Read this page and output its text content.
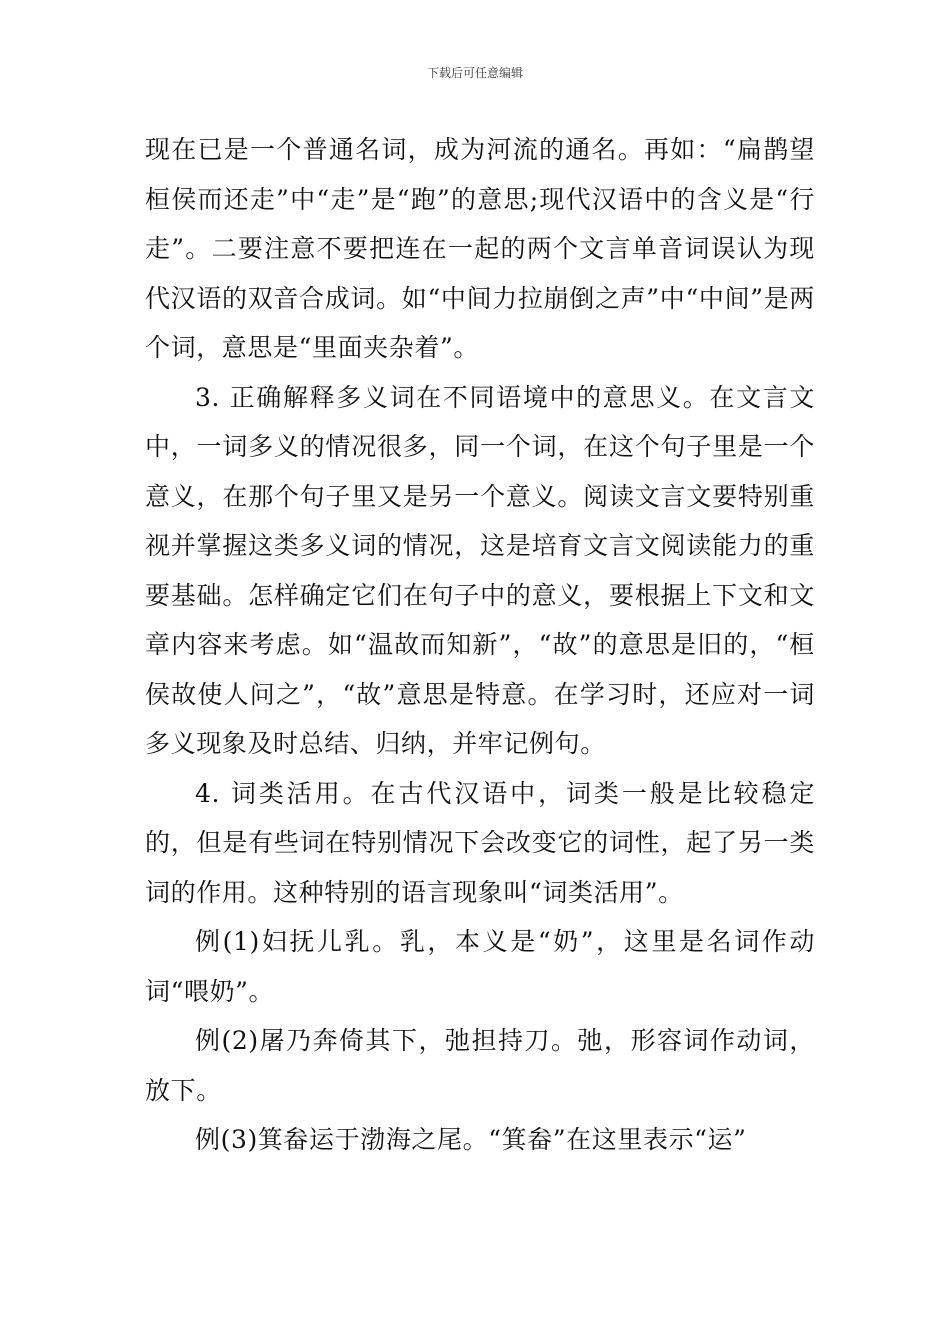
下载后可任意编辑

现在已是一个普通名词，成为河流的通名。再如：“扁鹊望桓侯而还走”中“走”是“跑”的意思;现代汉语中的含义是“行走”。二要注意不要把连在一起的两个文言单音词误认为现代汉语的双音合成词。如“中间力拉崩倒之声”中“中间”是两个词，意思是“里面夹杂着”。

3. 正确解释多义词在不同语境中的意思义。在文言文中，一词多义的情况很多，同一个词，在这个句子里是一个意义，在那个句子里又是另一个意义。阅读文言文要特别重视并掌握这类多义词的情况，这是培育文言文阅读能力的重要基础。怎样确定它们在句子中的意义，要根据上下文和文章内容来考虑。如“温故而知新”，“故”的意思是旧的，“桓侯故使人问之”，“故”意思是特意。在学习时，还应对一词多义现象及时总结、归纳，并牢记例句。

4. 词类活用。在古代汉语中，词类一般是比较稳定的，但是有些词在特别情况下会改变它的词性，起了另一类词的作用。这种特别的语言现象叫“词类活用”。

例(1)妇抚儿乳。乳，本义是“奶”，这里是名词作动词“喂奶”。

例(2)屠乃奔倚其下，弛担持刀。弛，形容词作动词，放下。

例(3)箕畚运于渤海之尾。“箕畚”在这里表示“运”
